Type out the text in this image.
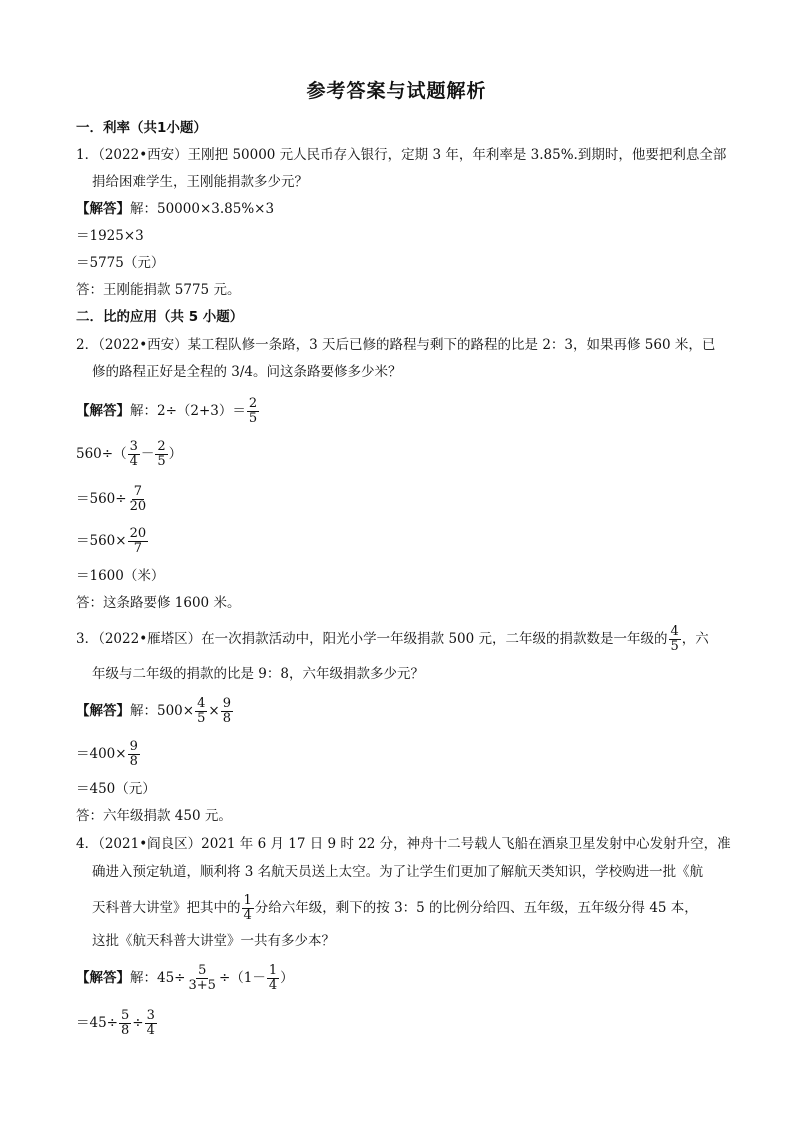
参考答案与试题解析
一．利率（共1小题）
1．（2022•西安）王刚把 50000 元人民币存入银行，定期 3 年，年利率是 3.85%.到期时，他要把利息全部
捐给困难学生，王刚能捐款多少元？
【解答】解：50000×3.85%×3
＝1925×3
＝5775（元）
答：王刚能捐款 5775 元。
二．比的应用（共 5 小题）
2．（2022•西安）某工程队修一条路，3 天后已修的路程与剩下的路程的比是 2：3，如果再修 560 米，已
修的路程正好是全程的 3/4。问这条路要修多少米？
【解答】解：$2\div(2+3)= \frac{2}{5}$
$560\div( \frac{3}{4} - \frac{2}{5}$ ）
$=560\div \frac{7}{20}$
$=560\times \frac{20}{7}$
＝1600（米）
答：这条路要修 1600 米。
3．（2022•雁塔区）在一次捐款活动中，阳光小学一年级捐款 500 元，二年级的捐款数是一年级的 $\frac{4}{5}$ ，六
年级与二年级的捐款的比是 9：8，六年级捐款多少元？
【解答】解：$500\times \frac{4}{5} \times \frac{9}{8}$
$=400\times \frac{9}{8}$
＝450（元）
答：六年级捐款 450 元。
4．（2021•阎良区）2021 年 6 月 17 日 9 时 22 分，神舟十二号载人飞船在酒泉卫星发射中心发射升空，准
确进入预定轨道，顺利将 3 名航天员送上太空。为了让学生们更加了解航天类知识，学校购进一批《航
天科普大讲堂》把其中的 $\frac{1}{4}$ 分给六年级，剩下的按 3：5 的比例分给四、五年级，五年级分得 45 本，
这批《航天科普大讲堂》一共有多少本？
【解答】解：$45\div \frac{5}{3+5} \div(1- \frac{1}{4}$ ）
$=45\div \frac{5}{8} \div \frac{3}{4}$
